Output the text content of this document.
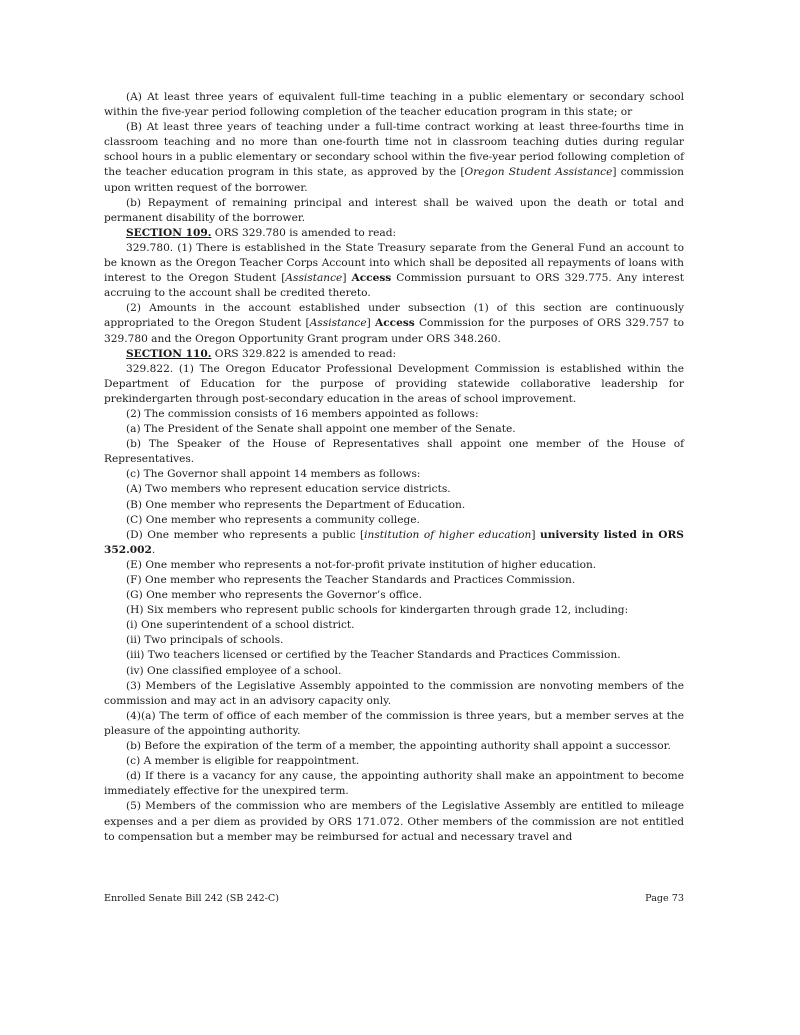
(A) At least three years of equivalent full-time teaching in a public elementary or secondary school within the five-year period following completion of the teacher education program in this state; or

(B) At least three years of teaching under a full-time contract working at least three-fourths time in classroom teaching and no more than one-fourth time not in classroom teaching duties during regular school hours in a public elementary or secondary school within the five-year period following completion of the teacher education program in this state, as approved by the [Oregon Student Assistance] commission upon written request of the borrower.

(b) Repayment of remaining principal and interest shall be waived upon the death or total and permanent disability of the borrower.

SECTION 109. ORS 329.780 is amended to read:

329.780. (1) There is established in the State Treasury separate from the General Fund an account to be known as the Oregon Teacher Corps Account into which shall be deposited all repayments of loans with interest to the Oregon Student [Assistance] Access Commission pursuant to ORS 329.775. Any interest accruing to the account shall be credited thereto.

(2) Amounts in the account established under subsection (1) of this section are continuously appropriated to the Oregon Student [Assistance] Access Commission for the purposes of ORS 329.757 to 329.780 and the Oregon Opportunity Grant program under ORS 348.260.

SECTION 110. ORS 329.822 is amended to read:

329.822. (1) The Oregon Educator Professional Development Commission is established within the Department of Education for the purpose of providing statewide collaborative leadership for prekindergarten through post-secondary education in the areas of school improvement.

(2) The commission consists of 16 members appointed as follows:

(a) The President of the Senate shall appoint one member of the Senate.

(b) The Speaker of the House of Representatives shall appoint one member of the House of Representatives.

(c) The Governor shall appoint 14 members as follows:

(A) Two members who represent education service districts.

(B) One member who represents the Department of Education.

(C) One member who represents a community college.

(D) One member who represents a public [institution of higher education] university listed in ORS 352.002.

(E) One member who represents a not-for-profit private institution of higher education.

(F) One member who represents the Teacher Standards and Practices Commission.

(G) One member who represents the Governor’s office.

(H) Six members who represent public schools for kindergarten through grade 12, including:

(i) One superintendent of a school district.

(ii) Two principals of schools.

(iii) Two teachers licensed or certified by the Teacher Standards and Practices Commission.

(iv) One classified employee of a school.

(3) Members of the Legislative Assembly appointed to the commission are nonvoting members of the commission and may act in an advisory capacity only.

(4)(a) The term of office of each member of the commission is three years, but a member serves at the pleasure of the appointing authority.

(b) Before the expiration of the term of a member, the appointing authority shall appoint a successor.

(c) A member is eligible for reappointment.

(d) If there is a vacancy for any cause, the appointing authority shall make an appointment to become immediately effective for the unexpired term.

(5) Members of the commission who are members of the Legislative Assembly are entitled to mileage expenses and a per diem as provided by ORS 171.072. Other members of the commission are not entitled to compensation but a member may be reimbursed for actual and necessary travel and

Enrolled Senate Bill 242 (SB 242-C)	Page 73
